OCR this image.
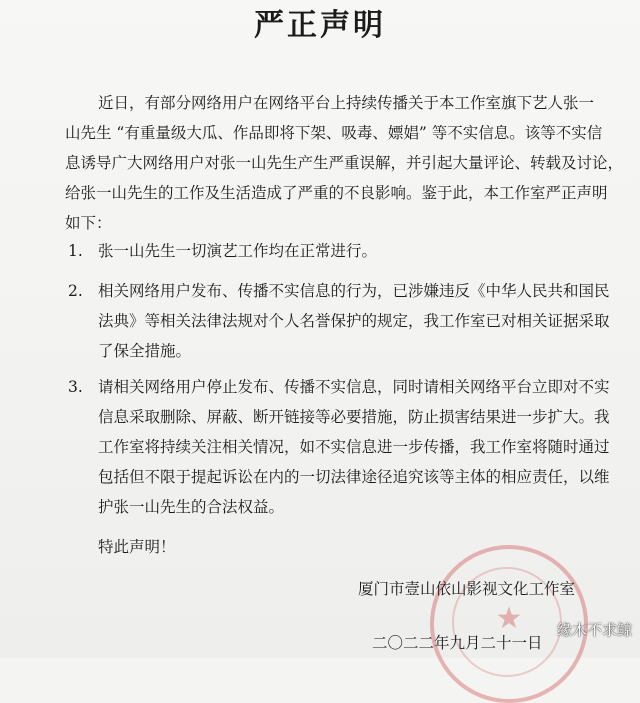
严正声明
近日，有部分网络用户在网络平台上持续传播关于本工作室旗下艺人张一
山先生 “有重量级大瓜、作品即将下架、吸毒、嫖娼” 等不实信息。该等不实信
息诱导广大网络用户对张一山先生产生严重误解，并引起大量评论、转载及讨论，
给张一山先生的工作及生活造成了严重的不良影响。鉴于此，本工作室严正声明
如下：
1. 张一山先生一切演艺工作均在正常进行。
2. 相关网络用户发布、传播不实信息的行为，已涉嫌违反《中华人民共和国民
法典》等相关法律法规对个人名誉保护的规定，我工作室已对相关证据采取
了保全措施。
3. 请相关网络用户停止发布、传播不实信息，同时请相关网络平台立即对不实
信息采取删除、屏蔽、断开链接等必要措施，防止损害结果进一步扩大。我
工作室将持续关注相关情况，如不实信息进一步传播，我工作室将随时通过
包括但不限于提起诉讼在内的一切法律途径追究该等主体的相应责任，以维
护张一山先生的合法权益。
特此声明！
★
厦门市壹山依山影视文化工作室
二〇二二年九月二十一日
缘木不求鲸
